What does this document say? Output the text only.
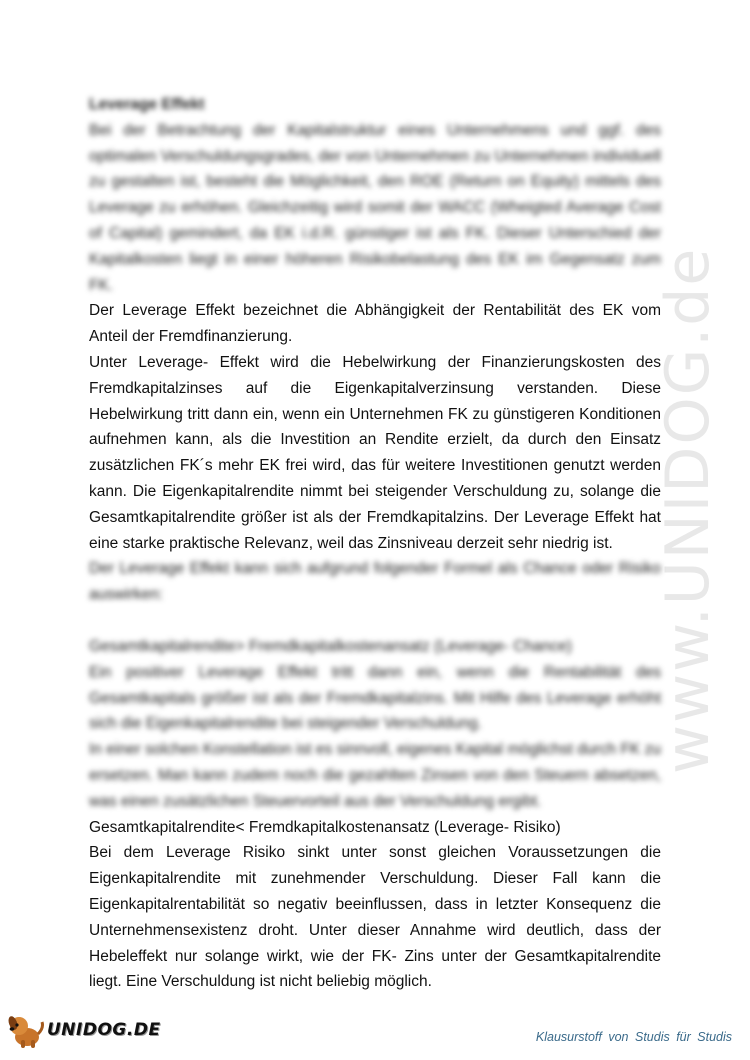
www.UNIDOG.de

Leverage Effekt

Bei der Betrachtung der Kapitalstruktur eines Unternehmens und ggf. des optimalen Verschuldungsgrades, der von Unternehmen zu Unternehmen individuell zu gestalten ist, besteht die Möglichkeit, den ROE (Return on Equity) mittels des Leverage zu erhöhen. Gleichzeitig wird somit der WACC (Wheigted Average Cost of Capital) gemindert, da EK i.d.R. günstiger ist als FK. Dieser Unterschied der Kapitalkosten liegt in einer höheren Risikobelastung des EK im Gegensatz zum FK.

Der Leverage Effekt bezeichnet die Abhängigkeit der Rentabilität des EK vom Anteil der Fremdfinanzierung.

Unter Leverage- Effekt wird die Hebelwirkung der Finanzierungskosten des Fremdkapitalzinses auf die Eigenkapitalverzinsung verstanden. Diese Hebelwirkung tritt dann ein, wenn ein Unternehmen FK zu günstigeren Konditionen aufnehmen kann, als die Investition an Rendite erzielt, da durch den Einsatz zusätzlichen FK´s mehr EK frei wird, das für weitere Investitionen genutzt werden kann. Die Eigenkapitalrendite nimmt bei steigender Verschuldung zu, solange die Gesamtkapitalrendite größer ist als der Fremdkapitalzins. Der Leverage Effekt hat eine starke praktische Relevanz, weil das Zinsniveau derzeit sehr niedrig ist.

Der Leverage Effekt kann sich aufgrund folgender Formel als Chance oder Risiko auswirken:

Gesamtkapitalrendite> Fremdkapitalkostenansatz (Leverage- Chance)

Ein positiver Leverage Effekt tritt dann ein, wenn die Rentabilität des Gesamtkapitals größer ist als der Fremdkapitalzins. Mit Hilfe des Leverage erhöht sich die Eigenkapitalrendite bei steigender Verschuldung.

In einer solchen Konstellation ist es sinnvoll, eigenes Kapital möglichst durch FK zu ersetzen. Man kann zudem noch die gezahlten Zinsen von den Steuern absetzen, was einen zusätzlichen Steuervorteil aus der Verschuldung ergibt.

Gesamtkapitalrendite< Fremdkapitalkostenansatz (Leverage- Risiko)

Bei dem Leverage Risiko sinkt unter sonst gleichen Voraussetzungen die Eigenkapitalrendite mit zunehmender Verschuldung. Dieser Fall kann die Eigenkapitalrentabilität so negativ beeinflussen, dass in letzter Konsequenz die Unternehmensexistenz droht. Unter dieser Annahme wird deutlich, dass der Hebeleffekt nur solange wirkt, wie der FK- Zins unter der Gesamtkapitalrendite liegt. Eine Verschuldung ist nicht beliebig möglich.

UNIDOG.DE	Klausurstoff von Studis für Studis
